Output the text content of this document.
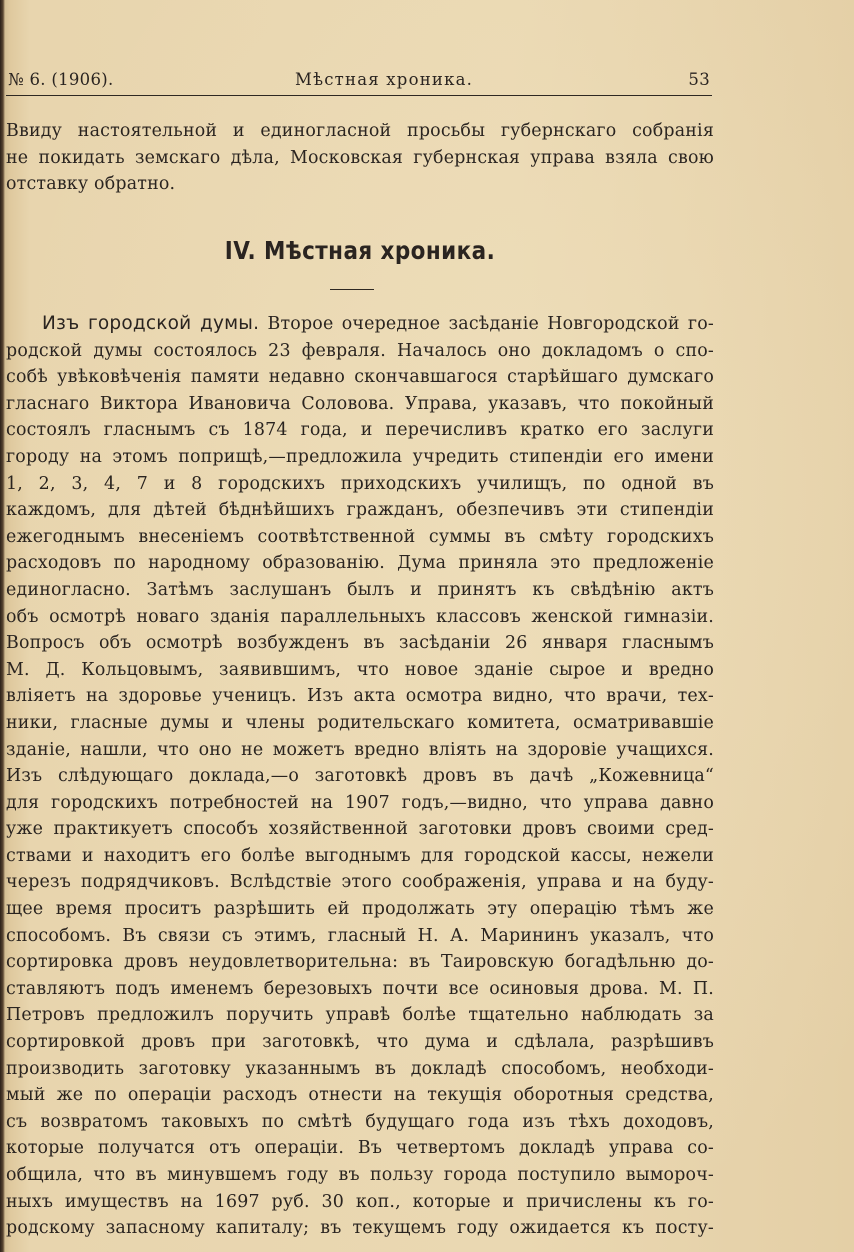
№ 6. (1906).	Мѣстная хроника.	53
Ввиду настоятельной и единогласной просьбы губернскаго собранія
не покидать земскаго дѣла, Московская губернская управа взяла свою
отставку обратно.
IV. Мѣстная хроника.
Изъ городской думы. Второе очередное засѣданіе Новгородской го-
родской думы состоялось 23 февраля. Началось оно докладомъ о спо-
собѣ увѣковѣченія памяти недавно скончавшагося старѣйшаго думскаго
гласнаго Виктора Ивановича Соловова. Управа, указавъ, что покойный
состоялъ гласнымъ съ 1874 года, и перечисливъ кратко его заслуги
городу на этомъ поприщѣ,—предложила учредить стипендіи его имени
1, 2, 3, 4, 7 и 8 городскихъ приходскихъ училищъ, по одной въ
каждомъ, для дѣтей бѣднѣйшихъ гражданъ, обезпечивъ эти стипендіи
ежегоднымъ внесеніемъ соотвѣтственной суммы въ смѣту городскихъ
расходовъ по народному образованію. Дума приняла это предложеніе
единогласно. Затѣмъ заслушанъ былъ и принятъ къ свѣдѣнію актъ
объ осмотрѣ новаго зданія параллельныхъ классовъ женской гимназіи.
Вопросъ объ осмотрѣ возбужденъ въ засѣданіи 26 января гласнымъ
М. Д. Кольцовымъ, заявившимъ, что новое зданіе сырое и вредно
вліяетъ на здоровье ученицъ. Изъ акта осмотра видно, что врачи, тех-
ники, гласные думы и члены родительскаго комитета, осматривавшіе
зданіе, нашли, что оно не можетъ вредно вліять на здоровіе учащихся.
Изъ слѣдующаго доклада,—о заготовкѣ дровъ въ дачѣ „Кожевница“
для городскихъ потребностей на 1907 годъ,—видно, что управа давно
уже практикуетъ способъ хозяйственной заготовки дровъ своими сред-
ствами и находитъ его болѣе выгоднымъ для городской кассы, нежели
черезъ подрядчиковъ. Вслѣдствіе этого соображенія, управа и на буду-
щее время проситъ разрѣшить ей продолжать эту операцію тѣмъ же
способомъ. Въ связи съ этимъ, гласный Н. А. Марининъ указалъ, что
сортировка дровъ неудовлетворительна: въ Таировскую богадѣльню до-
ставляютъ подъ именемъ березовыхъ почти все осиновыя дрова. М. П.
Петровъ предложилъ поручить управѣ болѣе тщательно наблюдать за
сортировкой дровъ при заготовкѣ, что дума и сдѣлала, разрѣшивъ
производить заготовку указаннымъ въ докладѣ способомъ, необходи-
мый же по операціи расходъ отнести на текущія оборотныя средства,
съ возвратомъ таковыхъ по смѣтѣ будущаго года изъ тѣхъ доходовъ,
которые получатся отъ операціи. Въ четвертомъ докладѣ управа со-
общила, что въ минувшемъ году въ пользу города поступило вымороч-
ныхъ имуществъ на 1697 руб. 30 коп., которые и причислены къ го-
родскому запасному капиталу; въ текущемъ году ожидается къ посту-
